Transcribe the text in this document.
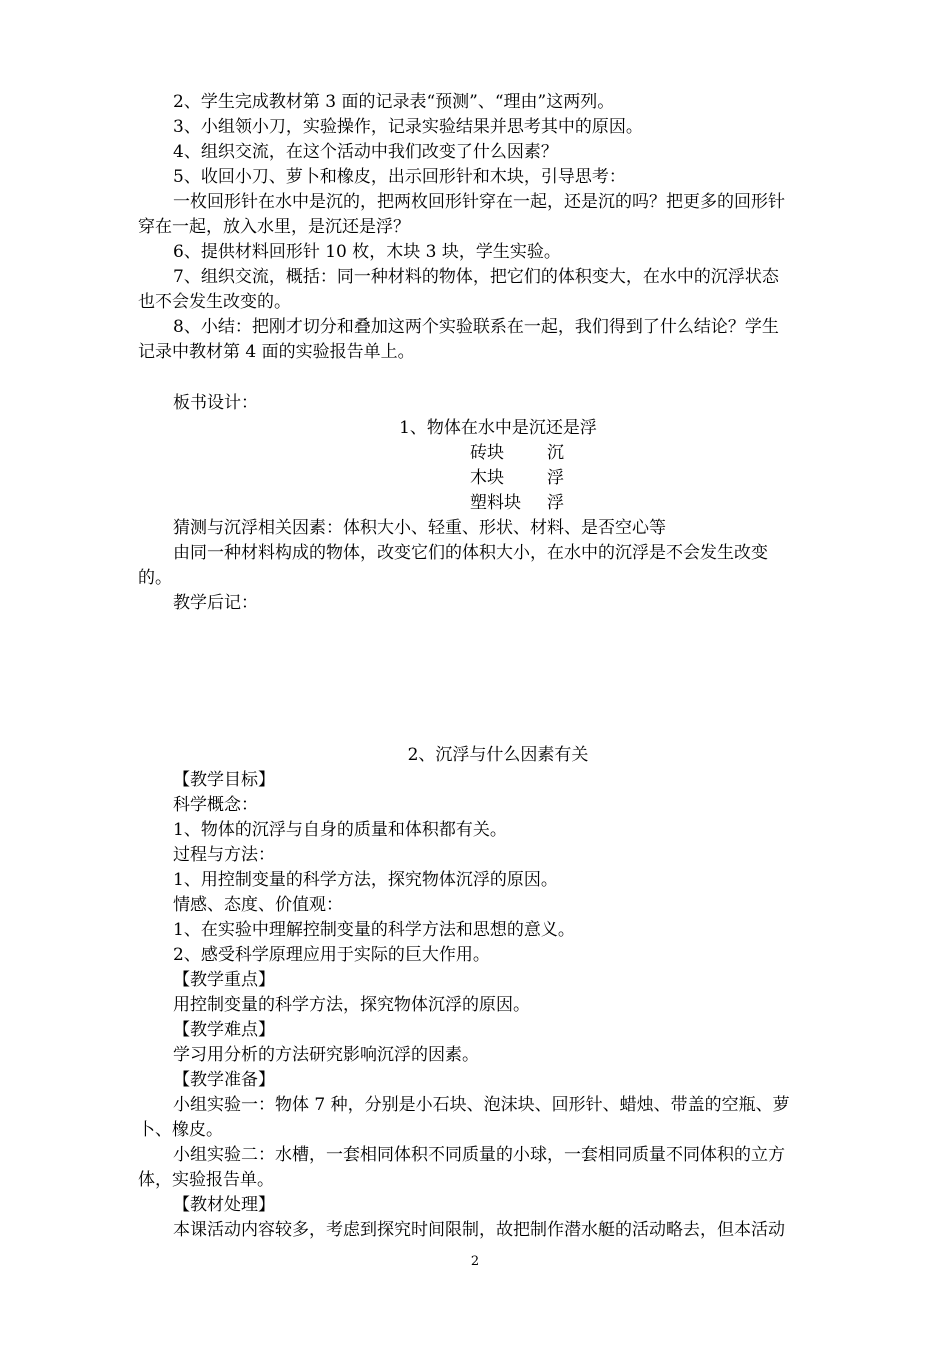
2、学生完成教材第 3 面的记录表“预测”、“理由”这两列。
3、小组领小刀，实验操作，记录实验结果并思考其中的原因。
4、组织交流，在这个活动中我们改变了什么因素？
5、收回小刀、萝卜和橡皮，出示回形针和木块，引导思考：
一枚回形针在水中是沉的，把两枚回形针穿在一起，还是沉的吗？把更多的回形针
穿在一起，放入水里，是沉还是浮？
6、提供材料回形针 10 枚，木块 3 块，学生实验。
7、组织交流，概括：同一种材料的物体，把它们的体积变大，在水中的沉浮状态
也不会发生改变的。
8、小结：把刚才切分和叠加这两个实验联系在一起，我们得到了什么结论？学生
记录中教材第 4 面的实验报告单上。
板书设计：
1、物体在水中是沉还是浮
砖块	沉
木块	浮
塑料块 浮
猜测与沉浮相关因素：体积大小、轻重、形状、材料、是否空心等
由同一种材料构成的物体，改变它们的体积大小，在水中的沉浮是不会发生改变
的。
教学后记：
2、沉浮与什么因素有关
【教学目标】
科学概念：
1、物体的沉浮与自身的质量和体积都有关。
过程与方法：
1、用控制变量的科学方法，探究物体沉浮的原因。
情感、态度、价值观：
1、在实验中理解控制变量的科学方法和思想的意义。
2、感受科学原理应用于实际的巨大作用。
【教学重点】
用控制变量的科学方法，探究物体沉浮的原因。
【教学难点】
学习用分析的方法研究影响沉浮的因素。
【教学准备】
小组实验一：物体 7 种，分别是小石块、泡沫块、回形针、蜡烛、带盖的空瓶、萝
卜、橡皮。
小组实验二：水槽，一套相同体积不同质量的小球，一套相同质量不同体积的立方
体，实验报告单。
【教材处理】
本课活动内容较多，考虑到探究时间限制，故把制作潜水艇的活动略去，但本活动
2
